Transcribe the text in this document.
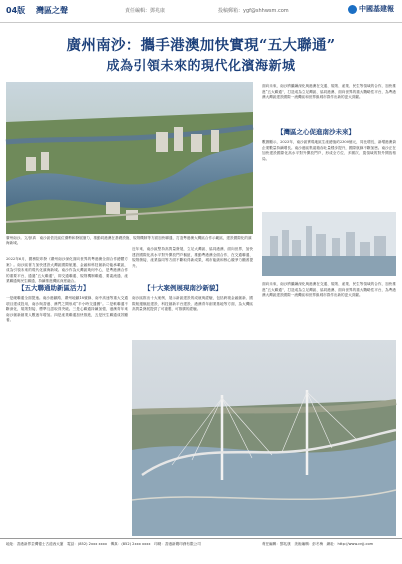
04版 灣區之聲	責任編輯：鄧兆康	投稿郵箱：ygf@shhwsm.com	中國基建報
廣州南沙：攜手港澳加快實現“五大聯通”
成為引領未來的現代化濱海新城
廣州南沙。文/彭真　南沙區依託區位優勢和發展潛力，推動同港澳在基礎設施、規則機制等方面加快聯通，打造粵港澳大灣區合作示範區，建設國際化的濱海新城。
2022年6月，國務院印發《廣州南沙深化面向世界的粵港澳全面合作總體方案》。南沙區著力加快建設大灣區國際航運、金融和科技創新功能承載區，成為引領未來的現代化濱海新城。南沙作為大灣區幾何中心，是粵港澳合作的重要平台，通過“五大聯通”，即交通聯通、規則機制聯通、要素流通、產業聯通與民生聯通，持續推進灣區深度融合。
近年來，南沙區堅持高質量發展，立足大灣區、協同港澳、面向世界，加快建設國際化高水平對外開放門戶樞紐，推動粵港澳全面合作，在交通聯通、規則銜接、產業協同等方面不斷取得新成果，城市能級和核心競爭力顯著提升。
【五大聯通助新區活力】	【十大案例展現南沙新貌】
一是硬聯通全面提速。南沙港鐵路、廣州地鐵18號線、南中高速等重大交通項目建成投用，南沙與香港、澳門之間形成“半小時交通圈”。二是軟聯通不斷深化，規則對接、標準互認取得突破。三是心聯通持續加強，港澳青年來南沙創新創業人數逐年增加。四是產業聯通加快推進，五是民生聯通成效顯著。
南沙區推出十大案例，展示新區建設的成就與經驗，包括跨境金融創新、國際航運樞紐建設、科技創新平台建設、港澳青年創業基地等方面，為大灣區高質量發展提供了可複製、可推廣的經驗。
面向未來，南沙將繼續深化與港澳在交通、規則、產業、民生等領域的合作，加快推進“五大聯通”，打造成為立足灣區、協同港澳、面向世界的重大戰略性平台，為粵港澳大灣區建設國際一流灣區和世界級城市群作出新的更大貢獻。
【灣區之心促進南沙未來】
數據顯示，2023年，南沙區實現地區生產總值約2300億元，同比增長，新增港澳資企業數量持續增長。南沙港區集裝箱吞吐量穩步提升，國際航線不斷加密。南沙正在加快建設國際化高水平對外開放門戶，形成全方位、多層次、寬領域的對外開放格局。
面向未來，南沙將繼續深化與港澳在交通、規則、產業、民生等領域的合作，加快推進“五大聯通”，打造成為立足灣區、協同港澳、面向世界的重大戰略性平台，為粵港澳大灣區建設國際一流灣區和世界級城市群作出新的更大貢獻。
地址：香港新界荃灣德士古道西大廈　電話：(852) 2xxx xxxx　傳真：(852) 2xxx xxxx　印刷：香港新聞印務有限公司	責任編輯：鄧兆康　美術編輯：彭冬梅　網址：http://www.cnjj.com
